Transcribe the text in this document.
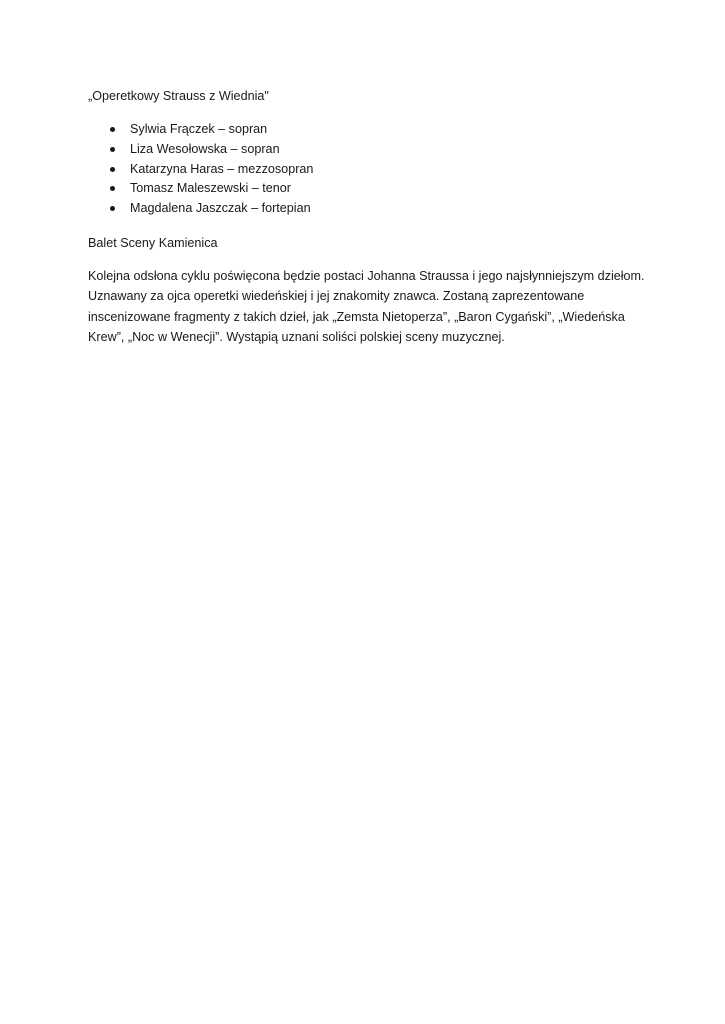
„Operetkowy Strauss z Wiednia"

Sylwia Frączek – sopran
Liza Wesołowska – sopran
Katarzyna Haras – mezzosopran
Tomasz Maleszewski – tenor
Magdalena Jaszczak – fortepian

Balet Sceny Kamienica

Kolejna odsłona cyklu poświęcona będzie postaci Johanna Straussa i jego najsłynniejszym dziełom.
Uznawany za ojca operetki wiedeńskiej i jej znakomity znawca. Zostaną zaprezentowane
inscenizowane fragmenty z takich dzieł, jak „Zemsta Nietoperza”, „Baron Cygański”, „Wiedeńska
Krew”, „Noc w Wenecji”. Wystąpią uznani soliści polskiej sceny muzycznej.
